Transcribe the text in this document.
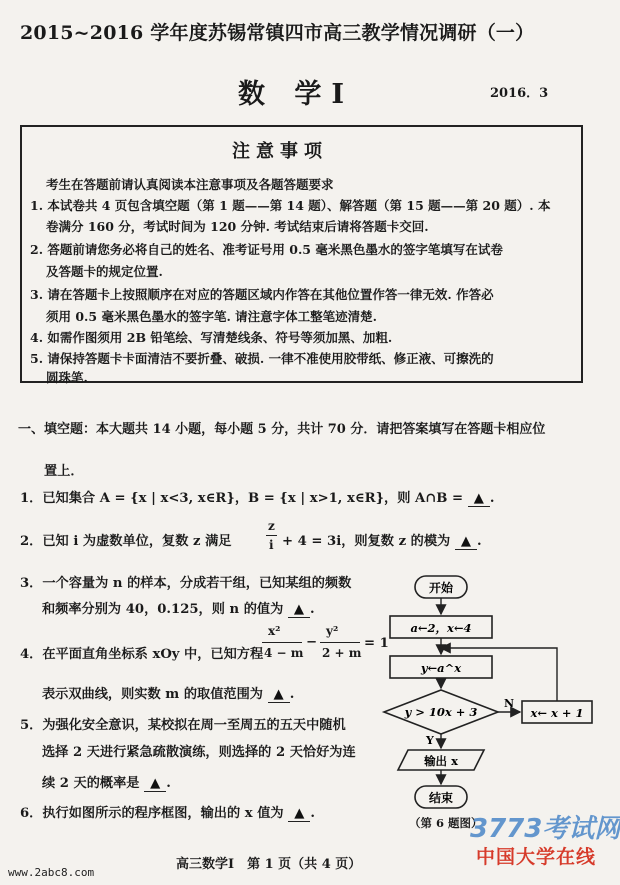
2015~2016 学年度苏锡常镇四市高三教学情况调研（一）
数 学Ⅰ	2016．3
注意事项
考生在答题前请认真阅读本注意事项及各题答题要求
1. 本试卷共 4 页包含填空题（第 1 题——第 14 题）、解答题（第 15 题——第 20 题）. 本
卷满分 160 分，考试时间为 120 分钟. 考试结束后请将答题卡交回.
2. 答题前请您务必将自己的姓名、准考证号用 0.5 毫米黑色墨水的签字笔填写在试卷
及答题卡的规定位置.
3. 请在答题卡上按照顺序在对应的答题区域内作答在其他位置作答一律无效. 作答必
须用 0.5 毫米黑色墨水的签字笔. 请注意字体工整笔迹清楚.
4. 如需作图须用 2B 铅笔绘、写清楚线条、符号等须加黑、加粗.
5. 请保持答题卡卡面清洁不要折叠、破损. 一律不准使用胶带纸、修正液、可擦洗的
圆珠笔.
一、填空题：本大题共 14 小题，每小题 5 分，共计 70 分．请把答案填写在答题卡相应位
置上．
1．已知集合 A = {x | x<3, x∈R}，B = {x | x>1, x∈R}，则 A∩B = ▲ .
2．已知 i 为虚数单位，复数 z 满足
z
i + 4 = 3i，则复数 z 的模为 ▲ .
3．一个容量为 n 的样本，分成若干组，已知某组的频数
和频率分别为 40，0.125，则 n 的值为 ▲ .
4．在平面直角坐标系 xOy 中，已知方程
x²
4 − m
−
y²
2 + m
= 1
表示双曲线，则实数 m 的取值范围为 ▲ .
5．为强化安全意识，某校拟在周一至周五的五天中随机
选择 2 天进行紧急疏散演练，则选择的 2 天恰好为连
续 2 天的概率是 ▲ .
6．执行如图所示的程序框图，输出的 x 值为 ▲ .
开始
a←2，x←4
y←a^x
y > 10x + 3
N
x← x + 1
Y
输出 x
结束
（第 6 题图）
3773考试网
中国大学在线
高三数学Ⅰ　第 1 页（共 4 页）
www.2abc8.com
